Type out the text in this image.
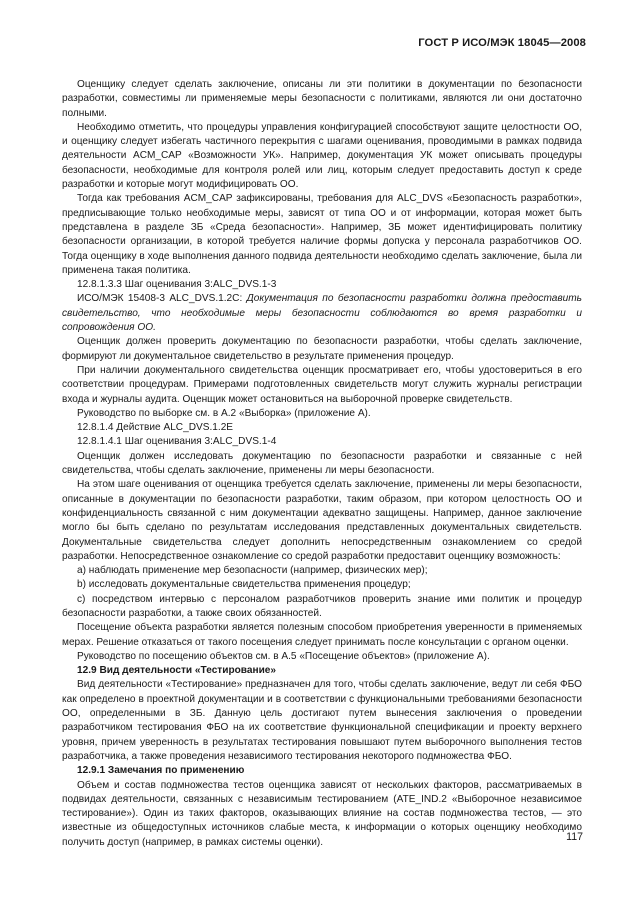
ГОСТ Р ИСО/МЭК 18045—2008

Оценщику следует сделать заключение, описаны ли эти политики в документации по безопасности разработки, совместимы ли применяемые меры безопасности с политиками, являются ли они достаточно полными.

Необходимо отметить, что процедуры управления конфигурацией способствуют защите целостности ОО, и оценщику следует избегать частичного перекрытия с шагами оценивания, проводимыми в рамках подвида деятельности ACM_CAP «Возможности УК». Например, документация УК может описывать процедуры безопасности, необходимые для контроля ролей или лиц, которым следует предоставить доступ к среде разработки и которые могут модифицировать ОО.

Тогда как требования ACM_CAP зафиксированы, требования для ALC_DVS «Безопасность разработки», предписывающие только необходимые меры, зависят от типа ОО и от информации, которая может быть представлена в разделе ЗБ «Среда безопасности». Например, ЗБ может идентифицировать политику безопасности организации, в которой требуется наличие формы допуска у персонала разработчиков ОО. Тогда оценщику в ходе выполнения данного подвида деятельности необходимо сделать заключение, была ли применена такая политика.

12.8.1.3.3 Шаг оценивания 3:ALC_DVS.1-3

ИСО/МЭК 15408-3 ALC_DVS.1.2С: Документация по безопасности разработки должна предоставить свидетельство, что необходимые меры безопасности соблюдаются во время разработки и сопровождения ОО.

Оценщик должен проверить документацию по безопасности разработки, чтобы сделать заключение, формируют ли документальное свидетельство в результате применения процедур.

При наличии документального свидетельства оценщик просматривает его, чтобы удостовериться в его соответствии процедурам. Примерами подготовленных свидетельств могут служить журналы регистрации входа и журналы аудита. Оценщик может остановиться на выборочной проверке свидетельств.

Руководство по выборке см. в А.2 «Выборка» (приложение А).

12.8.1.4 Действие ALC_DVS.1.2Е

12.8.1.4.1 Шаг оценивания 3:ALC_DVS.1-4

Оценщик должен исследовать документацию по безопасности разработки и связанные с ней свидетельства, чтобы сделать заключение, применены ли меры безопасности.

На этом шаге оценивания от оценщика требуется сделать заключение, применены ли меры безопасности, описанные в документации по безопасности разработки, таким образом, при котором целостность ОО и конфиденциальность связанной с ним документации адекватно защищены. Например, данное заключение могло бы быть сделано по результатам исследования представленных документальных свидетельств. Документальные свидетельства следует дополнить непосредственным ознакомлением со средой разработки. Непосредственное ознакомление со средой разработки предоставит оценщику возможность:

а) наблюдать применение мер безопасности (например, физических мер);

b) исследовать документальные свидетельства применения процедур;

с) посредством интервью с персоналом разработчиков проверить знание ими политик и процедур безопасности разработки, а также своих обязанностей.

Посещение объекта разработки является полезным способом приобретения уверенности в применяемых мерах. Решение отказаться от такого посещения следует принимать после консультации с органом оценки.

Руководство по посещению объектов см. в А.5 «Посещение объектов» (приложение А).

12.9 Вид деятельности «Тестирование»

Вид деятельности «Тестирование» предназначен для того, чтобы сделать заключение, ведут ли себя ФБО как определено в проектной документации и в соответствии с функциональными требованиями безопасности ОО, определенными в ЗБ. Данную цель достигают путем вынесения заключения о проведении разработчиком тестирования ФБО на их соответствие функциональной спецификации и проекту верхнего уровня, причем уверенность в результатах тестирования повышают путем выборочного выполнения тестов разработчика, а также проведения независимого тестирования некоторого подмножества ФБО.

12.9.1 Замечания по применению

Объем и состав подмножества тестов оценщика зависят от нескольких факторов, рассматриваемых в подвидах деятельности, связанных с независимым тестированием (ATE_IND.2 «Выборочное независимое тестирование»). Один из таких факторов, оказывающих влияние на состав подмножества тестов, — это известные из общедоступных источников слабые места, к информации о которых оценщику необходимо получить доступ (например, в рамках системы оценки).	117
